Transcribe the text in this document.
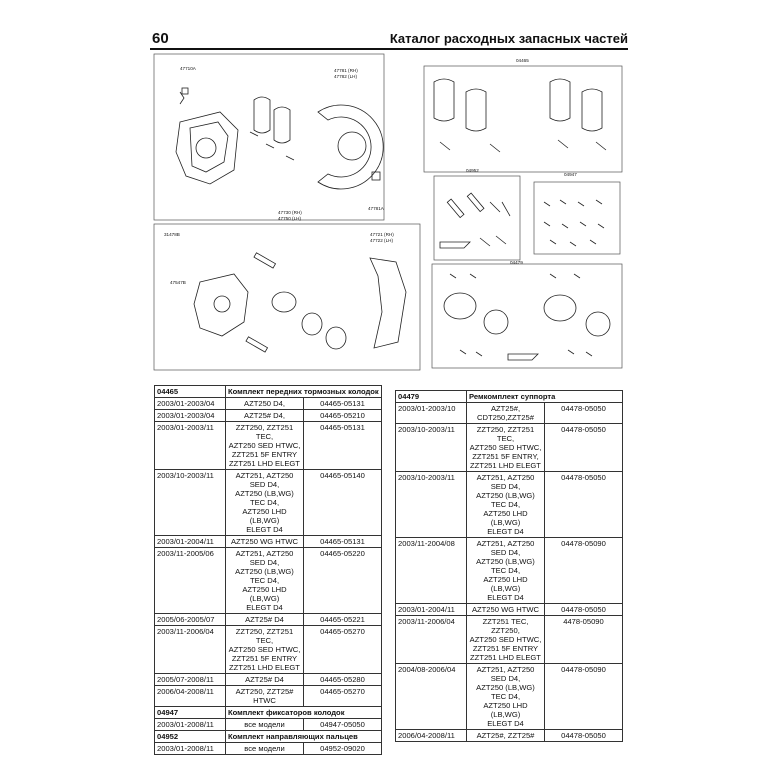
60	Каталог расходных запасных частей
47710A	47781 (RH)
47782 (LH)
04465
04952
04947
47781A
47730 (RH)
47750 (LH)
31478B
47547B
47721 (RH)
47722 (LH)
04479
04465	Комплект передних тормозных колодок	
2003/01-2003/04	AZT250 D4,	04465-05131
2003/01-2003/04	AZT25# D4,	04465-05210
2003/01-2003/11	ZZT250, ZZT251 TEC,
AZT250 SED HTWC,
ZZT251 5F ENTRY
ZZT251 LHD ELEGT	04465-05131
2003/10-2003/11	AZT251, AZT250 SED D4,
AZT250 (LB,WG) TEC D4,
AZT250 LHD (LB,WG)
ELEGT D4	04465-05140
2003/01-2004/11	AZT250 WG HTWC	04465-05131
2003/11-2005/06	AZT251, AZT250 SED D4,
AZT250 (LB,WG) TEC D4,
AZT250 LHD (LB,WG)
ELEGT D4	04465-05220
2005/06-2005/07	AZT25# D4	04465-05221
2003/11-2006/04	ZZT250, ZZT251 TEC,
AZT250 SED HTWC,
ZZT251 5F ENTRY
ZZT251 LHD ELEGT	04465-05270
2005/07-2008/11	AZT25# D4	04465-05280
2006/04-2008/11	AZT250, ZZT25# HTWC	04465-05270
04947	Комплект фиксаторов колодок	
2003/01-2008/11	все модели	04947-05050
04952	Комплект направляющих пальцев	
2003/01-2008/11	все модели	04952-09020
04479	Ремкомплект суппорта	
2003/01-2003/10	AZT25#, CDT250,ZZT25#	04478-05050
2003/10-2003/11	ZZT250, ZZT251 TEC,
AZT250 SED HTWC,
ZZT251 5F ENTRY,
ZZT251 LHD ELEGT	04478-05050
2003/10-2003/11	AZT251, AZT250 SED D4,
AZT250 (LB,WG) TEC D4,
AZT250 LHD (LB,WG)
ELEGT D4	04478-05050
2003/11-2004/08	AZT251, AZT250 SED D4,
AZT250 (LB,WG) TEC D4,
AZT250 LHD (LB,WG)
ELEGT D4	04478-05090
2003/01-2004/11	AZT250 WG HTWC	04478-05050
2003/11-2006/04	ZZT251 TEC, ZZT250,
AZT250 SED HTWC,
ZZT251 5F ENTRY
ZZT251 LHD ELEGT	4478-05090
2004/08-2006/04	AZT251, AZT250 SED D4,
AZT250 (LB,WG) TEC D4,
AZT250 LHD (LB,WG)
ELEGT D4	04478-05090
2006/04-2008/11	AZT25#, ZZT25#	04478-05050
